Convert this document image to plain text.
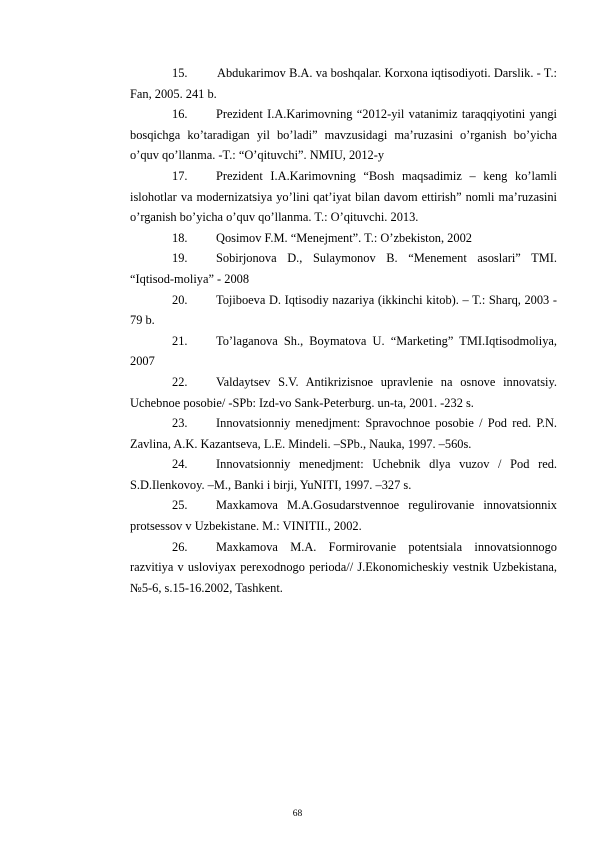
15. Abdukarimov B.A. va boshqalar. Korxona iqtisodiyoti. Darslik. - T.: Fan, 2005. 241 b.

16. Prezident I.A.Karimovning “2012-yil vatanimiz taraqqiyotini yangi bosqichga ko’taradigan yil bo’ladi” mavzusidagi ma’ruzasini o’rganish bo’yicha o’quv qo’llanma. -T.: “O’qituvchi”. NMIU, 2012-y

17. Prezident I.A.Karimovning “Bosh maqsadimiz – keng ko’lamli islohotlar va modernizatsiya yo’lini qat’iyat bilan davom ettirish” nomli ma’ruzasini o’rganish bo’yicha o’quv qo’llanma. T.: O’qituvchi. 2013.

18. Qosimov F.M. “Menejment”. T.: O’zbekiston, 2002

19. Sobirjonova D., Sulaymonov B. “Menement asoslari” TMI. “Iqtisod-moliya” - 2008

20. Tojiboeva D. Iqtisodiy nazariya (ikkinchi kitob). – T.: Sharq, 2003 - 79 b.

21. To’laganova Sh., Boymatova U. “Marketing” TMI.Iqtisodmoliya, 2007

22. Valdaytsev S.V. Antikrizisnoe upravlenie na osnove innovatsiy. Uchebnoe posobie/ -SPb: Izd-vo Sank-Peterburg. un-ta, 2001. -232 s.

23. Innovatsionniy menedjment: Spravochnoe posobie / Pod red. P.N. Zavlina, A.K. Kazantseva, L.E. Mindeli. –SPb., Nauka, 1997. –560s.

24. Innovatsionniy menedjment: Uchebnik dlya vuzov / Pod red. S.D.Ilenkovoy. –M., Banki i birji, YuNITI, 1997. –327 s.

25. Maxkamova M.A.Gosudarstvennoe regulirovanie innovatsionnix protsessov v Uzbekistane. M.: VINITII., 2002.

26. Maxkamova M.A. Formirovanie potentsiala innovatsionnogo razvitiya v usloviyax perexodnogo perioda// J.Ekonomicheskiy vestnik Uzbekistana, №5-6, s.15-16.2002, Tashkent.

68
